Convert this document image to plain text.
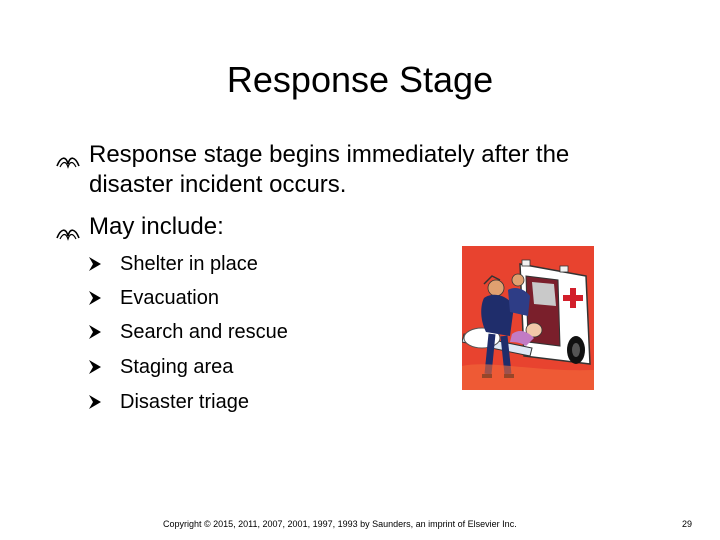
Response Stage
Response stage begins immediately after the
disaster incident occurs.
May include:
Shelter in place
Evacuation
Search and rescue
Staging area
Disaster triage
Copyright © 2015, 2011, 2007, 2001, 1997, 1993 by Saunders, an imprint of Elsevier Inc.	29
